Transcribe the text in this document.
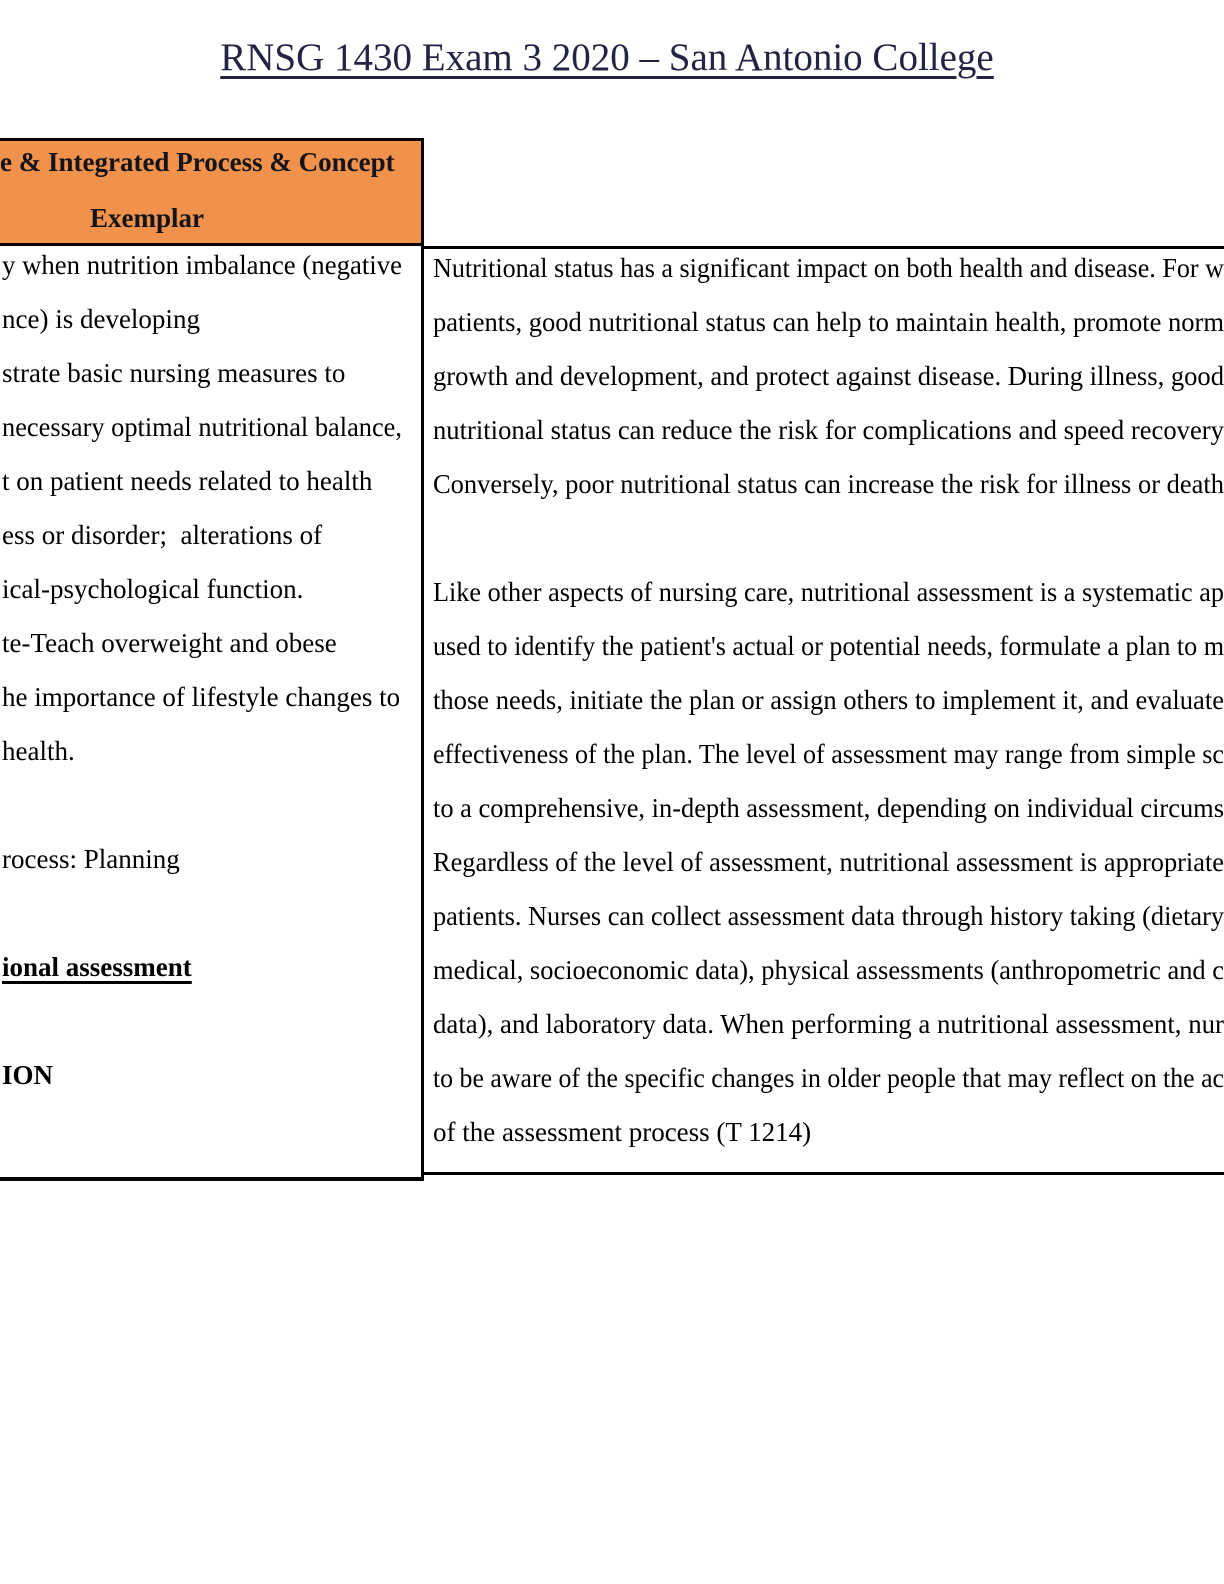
RNSG 1430 Exam 3 2020 – San Antonio College
e & Integrated Process & Concept
Exemplar
y when nutrition imbalance (negative
nce) is developing
strate basic nursing measures to
necessary optimal nutritional balance,
t on patient needs related to health
ess or disorder;  alterations of
ical-psychological function.
te-Teach overweight and obese
he importance of lifestyle changes to
health.
rocess: Planning
ional assessment
ION
Nutritional status has a significant impact on both health and disease. For w
patients, good nutritional status can help to maintain health, promote norm
growth and development, and protect against disease. During illness, good
nutritional status can reduce the risk for complications and speed recovery
Conversely, poor nutritional status can increase the risk for illness or death
Like other aspects of nursing care, nutritional assessment is a systematic ap
used to identify the patient's actual or potential needs, formulate a plan to m
those needs, initiate the plan or assign others to implement it, and evaluate
effectiveness of the plan. The level of assessment may range from simple sc
to a comprehensive, in-depth assessment, depending on individual circums
Regardless of the level of assessment, nutritional assessment is appropriate
patients. Nurses can collect assessment data through history taking (dietary
medical, socioeconomic data), physical assessments (anthropometric and c
data), and laboratory data. When performing a nutritional assessment, nur
to be aware of the specific changes in older people that may reflect on the ac
of the assessment process (T 1214)
